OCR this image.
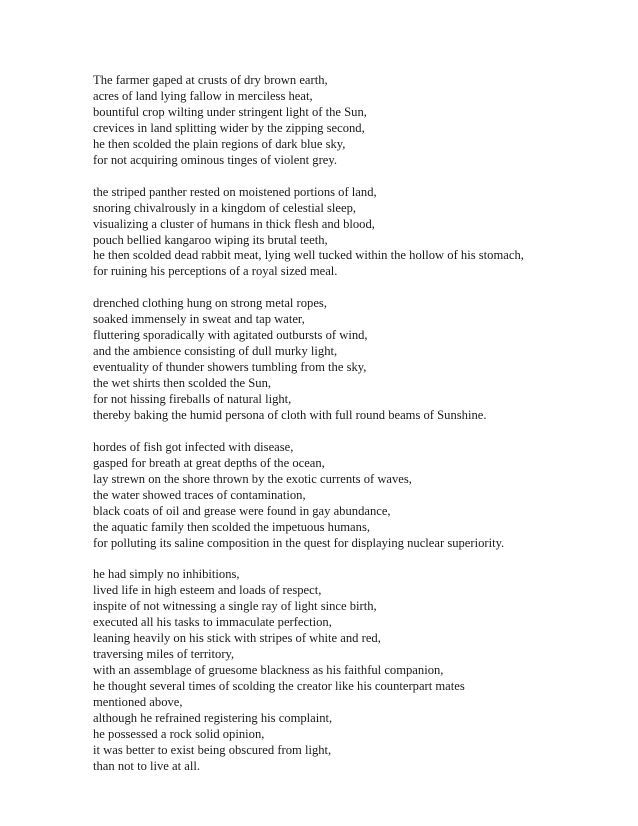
The farmer gaped at crusts of dry brown earth,
acres of land lying fallow in merciless heat,
bountiful crop wilting under stringent light of the Sun,
crevices in land splitting wider by the zipping second,
he then scolded the plain regions of dark blue sky,
for not acquiring ominous tinges of violent grey.
the striped panther rested on moistened portions of land,
snoring chivalrously in a kingdom of celestial sleep,
visualizing a cluster of humans in thick flesh and blood,
pouch bellied kangaroo wiping its brutal teeth,
he then scolded dead rabbit meat, lying well tucked within the hollow of his stomach,
for ruining his perceptions of a royal sized meal.
drenched clothing hung on strong metal ropes,
soaked immensely in sweat and tap water,
fluttering sporadically with agitated outbursts of wind,
and the ambience consisting of dull murky light,
eventuality of thunder showers tumbling from the sky,
the wet shirts then scolded the Sun,
for not hissing fireballs of natural light,
thereby baking the humid persona of cloth with full round beams of Sunshine.
hordes of fish got infected with disease,
gasped for breath at great depths of the ocean,
lay strewn on the shore thrown by the exotic currents of waves,
the water showed traces of contamination,
black coats of oil and grease were found in gay abundance,
the aquatic family then scolded the impetuous humans,
for polluting its saline composition in the quest for displaying nuclear superiority.
he had simply no inhibitions,
lived life in high esteem and loads of respect,
inspite of not witnessing a single ray of light since birth,
executed all his tasks to immaculate perfection,
leaning heavily on his stick with stripes of white and red,
traversing miles of territory,
with an assemblage of gruesome blackness as his faithful companion,
he thought several times of scolding the creator like his counterpart mates
mentioned above,
although he refrained registering his complaint,
he possessed a rock solid opinion,
it was better to exist being obscured from light,
than not to live at all.
